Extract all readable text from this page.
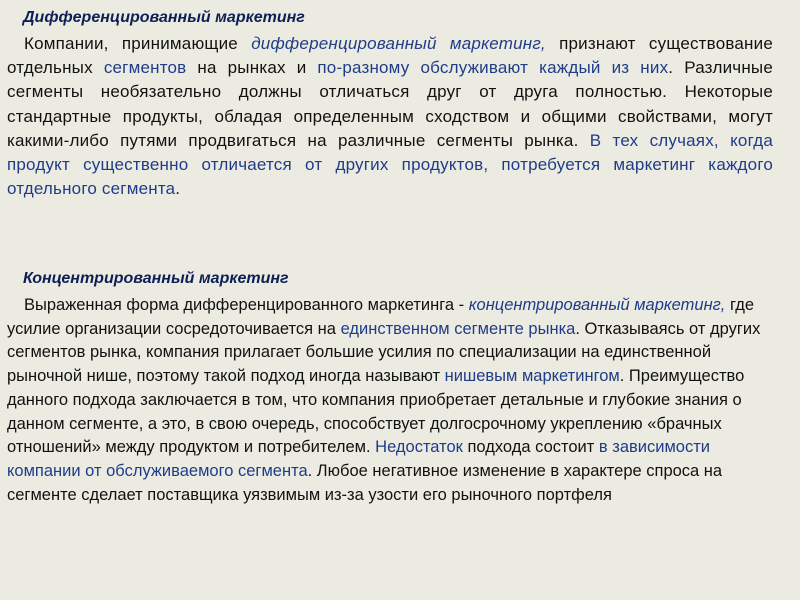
Дифференцированный маркетинг

Компании, принимающие дифференцированный маркетинг, признают существование отдельных сегментов на рынках и по-разному обслуживают каждый из них. Различные сегменты необязательно должны отличаться друг от друга полностью. Некоторые стандартные продукты, обладая определенным сходством и общими свойствами, могут какими-либо путями продвигаться на различные сегменты рынка. В тех случаях, когда продукт существенно отличается от других продуктов, потребуется маркетинг каждого отдельного сегмента.

Концентрированный маркетинг

Выраженная форма дифференцированного маркетинга - концентрированный маркетинг, где усилие организации сосредоточивается на единственном сегменте рынка. Отказываясь от других сегментов рынка, компания прилагает большие усилия по специализации на единственной рыночной нише, поэтому такой подход иногда называют нишевым маркетингом. Преимущество данного подхода заключается в том, что компания приобретает детальные и глубокие знания о данном сегменте, а это, в свою очередь, способствует долгосрочному укреплению «брачных отношений» между продуктом и потребителем. Недостаток подхода состоит в зависимости компании от обслуживаемого сегмента. Любое негативное изменение в характере спроса на сегменте сделает поставщика уязвимым из-за узости его рыночного портфеля
